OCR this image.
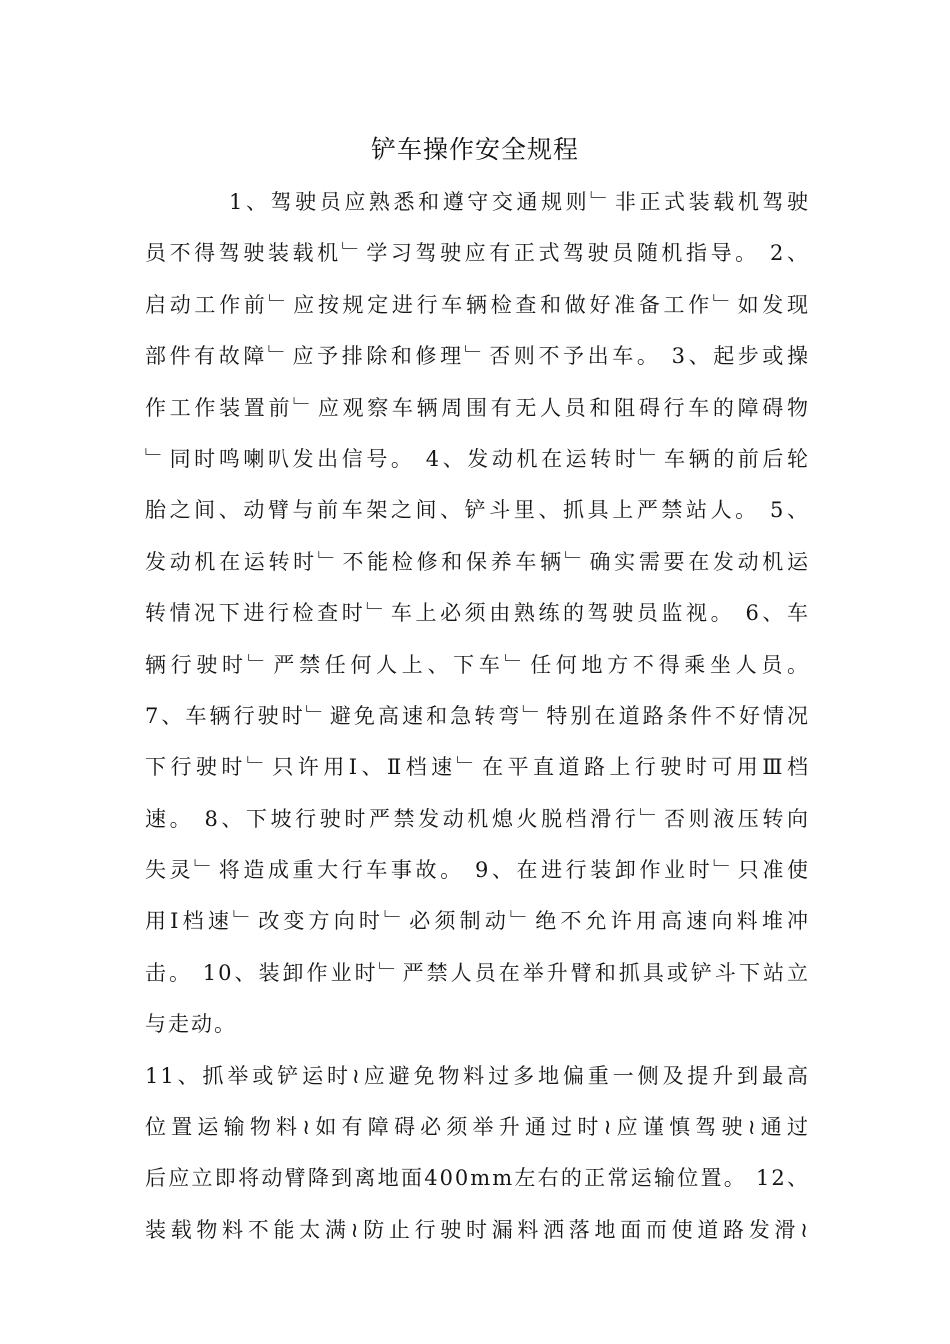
铲车操作安全规程
1、驾驶员应熟悉和遵守交通规则﹂非正式装载机驾驶
员不得驾驶装载机﹂学习驾驶应有正式驾驶员随机指导。 2、
启动工作前﹂应按规定进行车辆检查和做好准备工作﹂如发现
部件有故障﹂应予排除和修理﹂否则不予出车。 3、起步或操
作工作装置前﹂应观察车辆周围有无人员和阻碍行车的障碍物
﹂同时鸣喇叭发出信号。 4、发动机在运转时﹂车辆的前后轮
胎之间、动臂与前车架之间、铲斗里、抓具上严禁站人。 5、
发动机在运转时﹂不能检修和保养车辆﹂确实需要在发动机运
转情况下进行检查时﹂车上必须由熟练的驾驶员监视。 6、车
辆行驶时﹂严禁任何人上、下车﹂任何地方不得乘坐人员。
7、车辆行驶时﹂避免高速和急转弯﹂特别在道路条件不好情况
下行驶时﹂只许用Ⅰ、Ⅱ档速﹂在平直道路上行驶时可用Ⅲ档
速。 8、下坡行驶时严禁发动机熄火脱档滑行﹂否则液压转向
失灵﹂将造成重大行车事故。 9、在进行装卸作业时﹂只准使
用Ⅰ档速﹂改变方向时﹂必须制动﹂绝不允许用高速向料堆冲
击。 10、装卸作业时﹂严禁人员在举升臂和抓具或铲斗下站立
与走动。
11、抓举或铲运时≀应避免物料过多地偏重一侧及提升到最高
位置运输物料≀如有障碍必须举升通过时≀应谨慎驾驶≀通过
后应立即将动臂降到离地面400mm左右的正常运输位置。 12、
装载物料不能太满≀防止行驶时漏料洒落地面而使道路发滑≀
